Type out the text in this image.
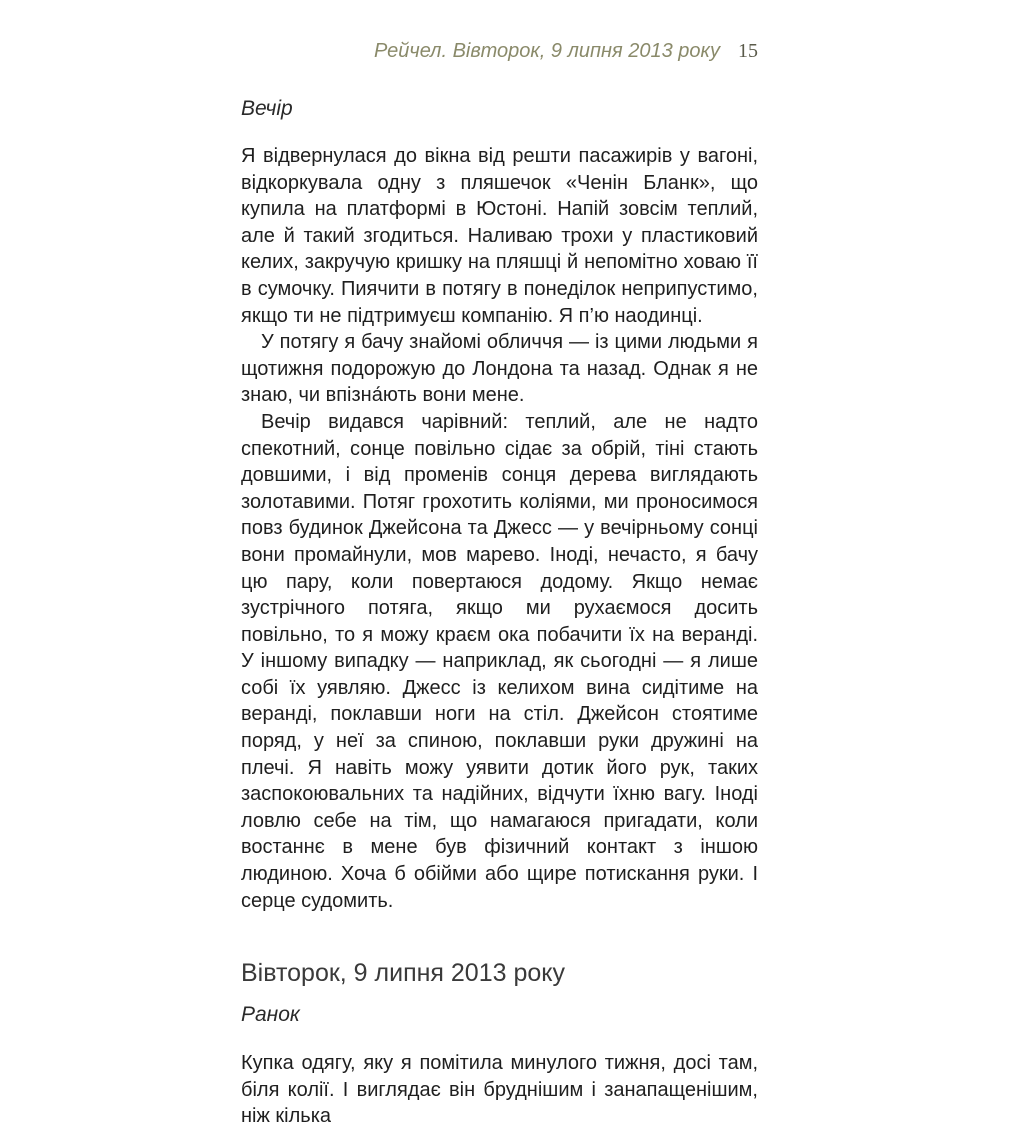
Рейчел. Вівторок, 9 липня 2013 року 15
Вечір

Я відвернулася до вікна від решти пасажирів у вагоні, відкоркувала одну з пляшечок «Ченін Бланк», що купила на платформі в Юстоні. Напій зовсім теплий, але й такий згодиться. Наливаю трохи у пластиковий келих, закручую кришку на пляшці й непомітно ховаю її в сумочку. Пиячити в потягу в понеділок неприпустимо, якщо ти не підтримуєш компанію. Я п’ю наодинці.

У потягу я бачу знайомі обличчя — із цими людьми я щотижня подорожую до Лондона та назад. Однак я не знаю, чи впізна́ють вони мене.

Вечір видався чарівний: теплий, але не надто спекотний, сонце повільно сідає за обрій, тіні стають довшими, і від променів сонця дерева виглядають золотавими. Потяг грохотить коліями, ми проносимося повз будинок Джейсона та Джесс — у вечірньому сонці вони промайнули, мов марево. Іноді, нечасто, я бачу цю пару, коли повертаюся додому. Якщо немає зустрічного потяга, якщо ми рухаємося досить повільно, то я можу краєм ока побачити їх на веранді. У іншому випадку — наприклад, як сьогодні — я лише собі їх уявляю. Джесс із келихом вина сидітиме на веранді, поклавши ноги на стіл. Джейсон стоятиме поряд, у неї за спиною, поклавши руки дружині на плечі. Я навіть можу уявити дотик його рук, таких заспокоювальних та надійних, відчути їхню вагу. Іноді ловлю себе на тім, що намагаюся пригадати, коли востаннє в мене був фізичний контакт з іншою людиною. Хоча б обійми або щире потискання руки. І серце судомить.

Вівторок, 9 липня 2013 року
Ранок

Купка одягу, яку я помітила минулого тижня, досі там, біля колії. І виглядає він бруднішим і занапащенішим, ніж кілька
